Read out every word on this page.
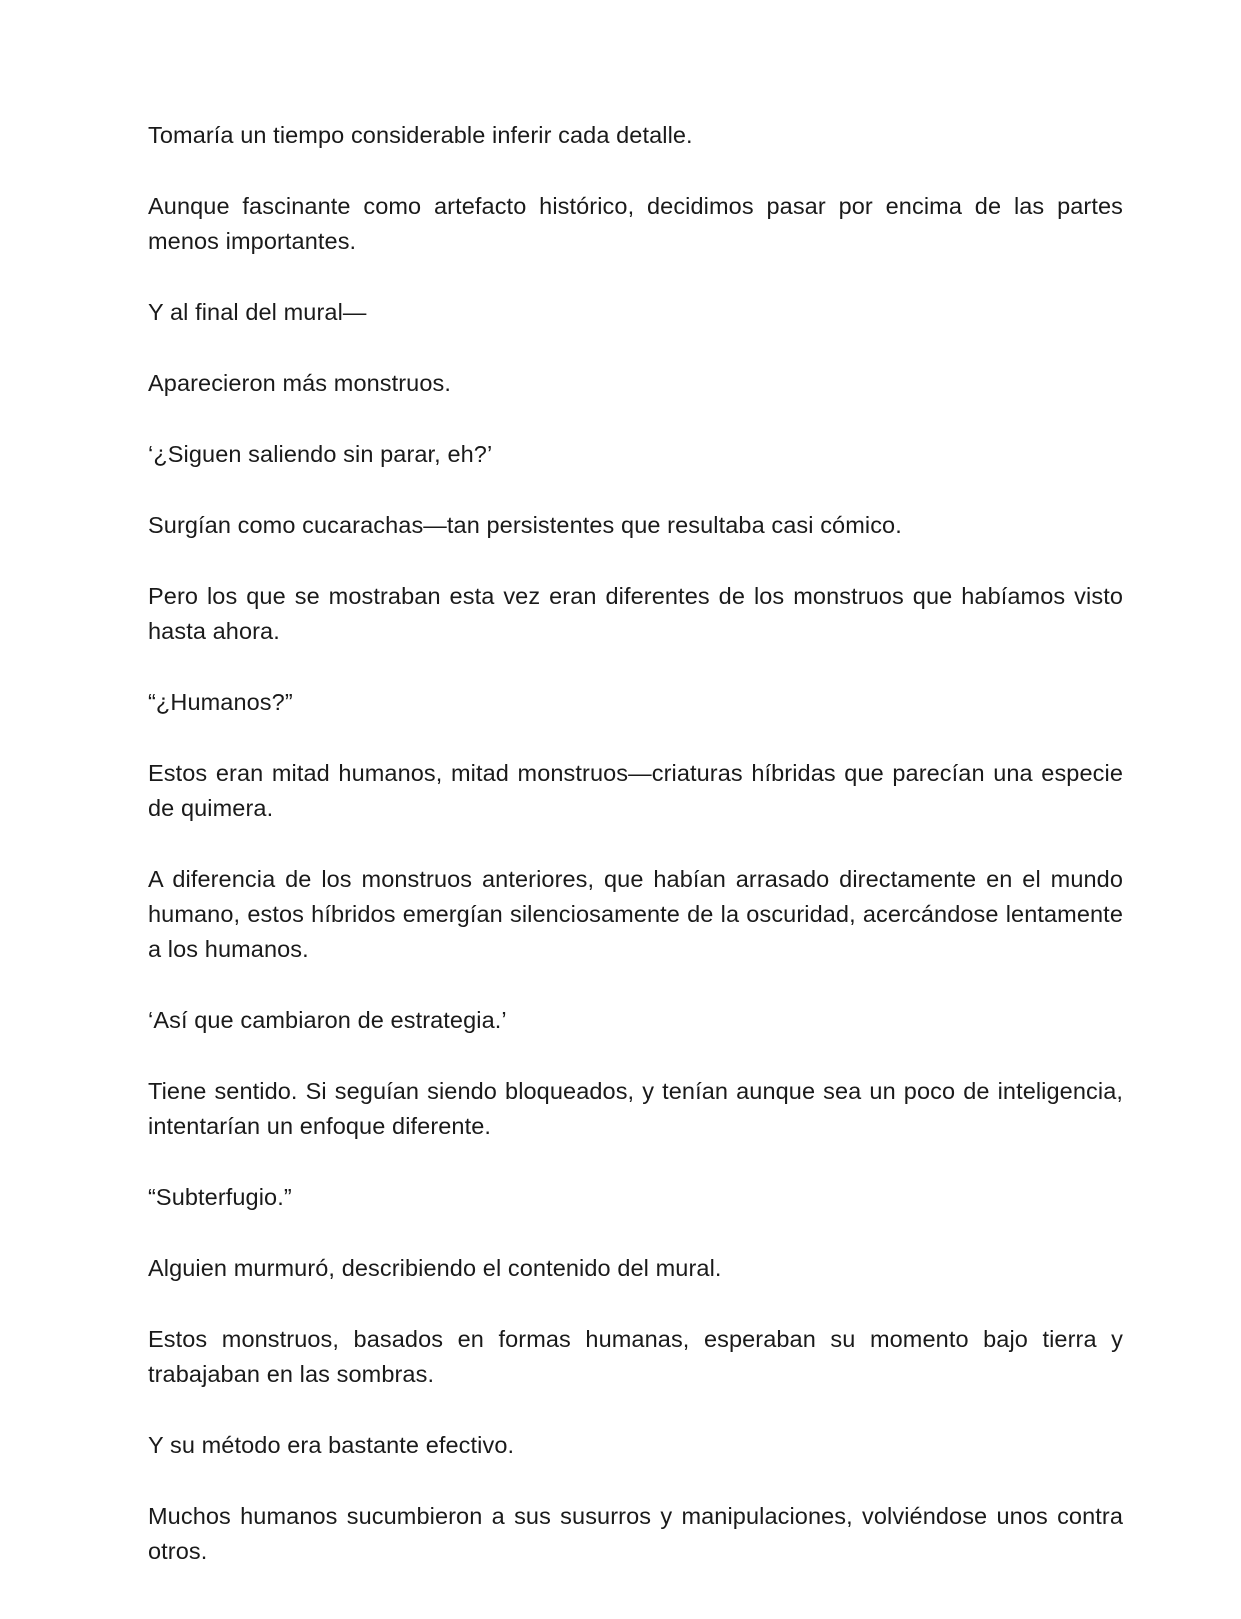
Tomaría un tiempo considerable inferir cada detalle.

Aunque fascinante como artefacto histórico, decidimos pasar por encima de las partes menos importantes.

Y al final del mural—

Aparecieron más monstruos.

‘¿Siguen saliendo sin parar, eh?’

Surgían como cucarachas—tan persistentes que resultaba casi cómico.

Pero los que se mostraban esta vez eran diferentes de los monstruos que habíamos visto hasta ahora.

“¿Humanos?”

Estos eran mitad humanos, mitad monstruos—criaturas híbridas que parecían una especie de quimera.

A diferencia de los monstruos anteriores, que habían arrasado directamente en el mundo humano, estos híbridos emergían silenciosamente de la oscuridad, acercándose lentamente a los humanos.

‘Así que cambiaron de estrategia.’

Tiene sentido. Si seguían siendo bloqueados, y tenían aunque sea un poco de inteligencia, intentarían un enfoque diferente.

“Subterfugio.”

Alguien murmuró, describiendo el contenido del mural.

Estos monstruos, basados en formas humanas, esperaban su momento bajo tierra y trabajaban en las sombras.

Y su método era bastante efectivo.

Muchos humanos sucumbieron a sus susurros y manipulaciones, volviéndose unos contra otros.
